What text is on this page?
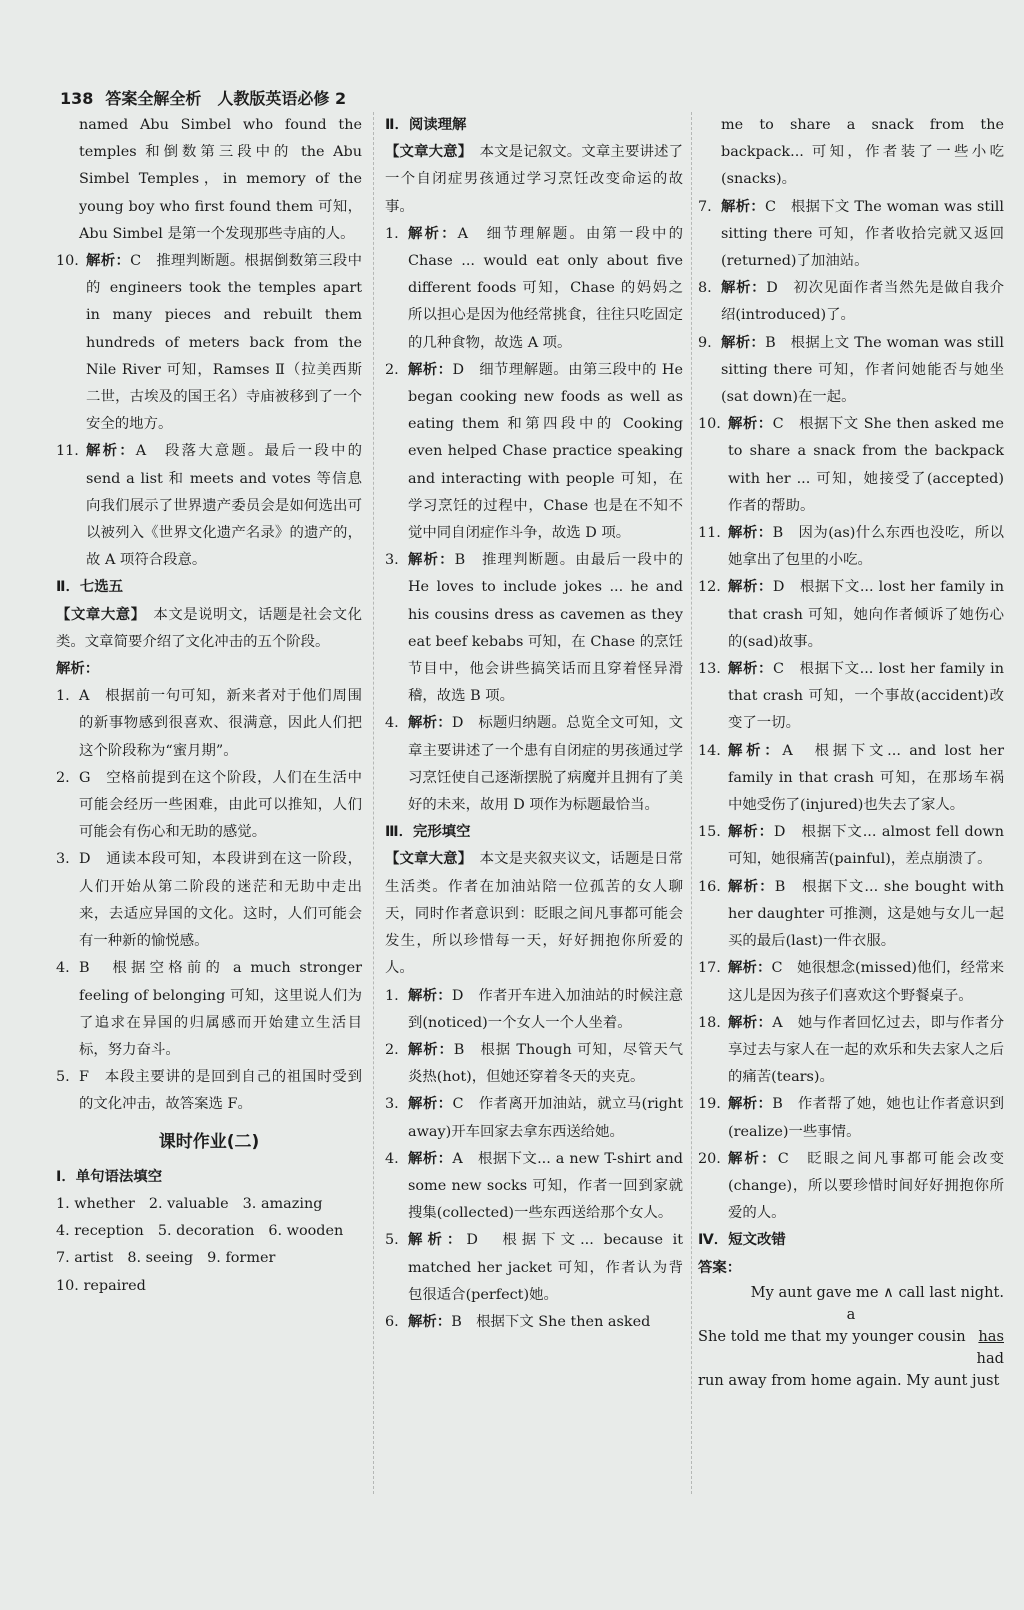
138 答案全解全析　人教版英语必修 2
named Abu Simbel who found the temples 和倒数第三段中的 the Abu Simbel Temples，in memory of the young boy who first found them 可知，Abu Simbel 是第一个发现那些寺庙的人。
10. 解析：C　推理判断题。根据倒数第三段中的 engineers took the temples apart in many pieces and rebuilt them hundreds of meters back from the Nile River 可知，Ramses Ⅱ（拉美西斯二世，古埃及的国王名）寺庙被移到了一个安全的地方。
11. 解析：A　段落大意题。最后一段中的 send a list 和 meets and votes 等信息向我们展示了世界遗产委员会是如何选出可以被列入《世界文化遗产名录》的遗产的，故 A 项符合段意。
Ⅱ．七选五
【文章大意】　 本文是说明文，话题是社会文化类。文章简要介绍了文化冲击的五个阶段。
解析：
1. A　根据前一句可知，新来者对于他们周围的新事物感到很喜欢、很满意，因此人们把这个阶段称为“蜜月期”。
2. G　空格前提到在这个阶段，人们在生活中可能会经历一些困难，由此可以推知，人们可能会有伤心和无助的感觉。
3. D　通读本段可知，本段讲到在这一阶段，人们开始从第二阶段的迷茫和无助中走出来，去适应异国的文化。这时，人们可能会有一种新的愉悦感。
4. B　根据空格前的 a much stronger feeling of belonging 可知，这里说人们为了追求在异国的归属感而开始建立生活目标，努力奋斗。
5. F　本段主要讲的是回到自己的祖国时受到的文化冲击，故答案选 F。
课时作业(二)
Ⅰ．单句语法填空
1. whether 2. valuable 3. amazing
4. reception 5. decoration 6. wooden
7. artist 8. seeing 9. former
10. repaired
Ⅱ．阅读理解
【文章大意】　 本文是记叙文。文章主要讲述了一个自闭症男孩通过学习烹饪改变命运的故事。
1. 解析：A　细节理解题。由第一段中的 Chase ... would eat only about five different foods 可知，Chase 的妈妈之所以担心是因为他经常挑食，往往只吃固定的几种食物，故选 A 项。
2. 解析：D　细节理解题。由第三段中的 He began cooking new foods as well as eating them 和第四段中的 Cooking even helped Chase practice speaking and interacting with people 可知，在学习烹饪的过程中，Chase 也是在不知不觉中同自闭症作斗争，故选 D 项。
3. 解析：B　推理判断题。由最后一段中的 He loves to include jokes ... he and his cousins dress as cavemen as they eat beef kebabs 可知，在 Chase 的烹饪节目中，他会讲些搞笑话而且穿着怪异滑稽，故选 B 项。
4. 解析：D　标题归纳题。总览全文可知，文章主要讲述了一个患有自闭症的男孩通过学习烹饪使自己逐渐摆脱了病魔并且拥有了美好的未来，故用 D 项作为标题最恰当。
Ⅲ．完形填空
【文章大意】　 本文是夹叙夹议文，话题是日常生活类。作者在加油站陪一位孤苦的女人聊天，同时作者意识到：眨眼之间凡事都可能会发生，所以珍惜每一天，好好拥抱你所爱的人。
1. 解析：D　作者开车进入加油站的时候注意到(noticed)一个女人一个人坐着。
2. 解析：B　根据 Though 可知，尽管天气炎热(hot)，但她还穿着冬天的夹克。
3. 解析：C　作者离开加油站，就立马(right away)开车回家去拿东西送给她。
4. 解析：A　根据下文... a new T-shirt and some new socks 可知，作者一回到家就搜集(collected)一些东西送给那个女人。
5. 解析：D　根据下文... because it matched her jacket 可知，作者认为背包很适合(perfect)她。
6. 解析：B　根据下文 She then asked
me to share a snack from the backpack... 可知，作者装了一些小吃(snacks)。
7. 解析：C　根据下文 The woman was still sitting there 可知，作者收拾完就又返回(returned)了加油站。
8. 解析：D　初次见面作者当然先是做自我介绍(introduced)了。
9. 解析：B　根据上文 The woman was still sitting there 可知，作者问她能否与她坐(sat down)在一起。
10. 解析：C　根据下文 She then asked me to share a snack from the backpack with her ... 可知，她接受了(accepted)作者的帮助。
11. 解析：B　因为(as)什么东西也没吃，所以她拿出了包里的小吃。
12. 解析：D　根据下文... lost her family in that crash 可知，她向作者倾诉了她伤心的(sad)故事。
13. 解析：C　根据下文... lost her family in that crash 可知，一个事故(accident)改变了一切。
14. 解析：A　根据下文... and lost her family in that crash 可知，在那场车祸中她受伤了(injured)也失去了家人。
15. 解析：D　根据下文... almost fell down 可知，她很痛苦(painful)，差点崩溃了。
16. 解析：B　根据下文... she bought with her daughter 可推测，这是她与女儿一起买的最后(last)一件衣服。
17. 解析：C　她很想念(missed)他们，经常来这儿是因为孩子们喜欢这个野餐桌子。
18. 解析：A　她与作者回忆过去，即与作者分享过去与家人在一起的欢乐和失去家人之后的痛苦(tears)。
19. 解析：B　作者帮了她，她也让作者意识到(realize)一些事情。
20. 解析：C　眨眼之间凡事都可能会改变(change)，所以要珍惜时间好好拥抱你所爱的人。
Ⅳ．短文改错
答案：
My aunt gave me ∧ call last night.
a
She told me that my younger cousin has
had
run away from home again. My aunt just
